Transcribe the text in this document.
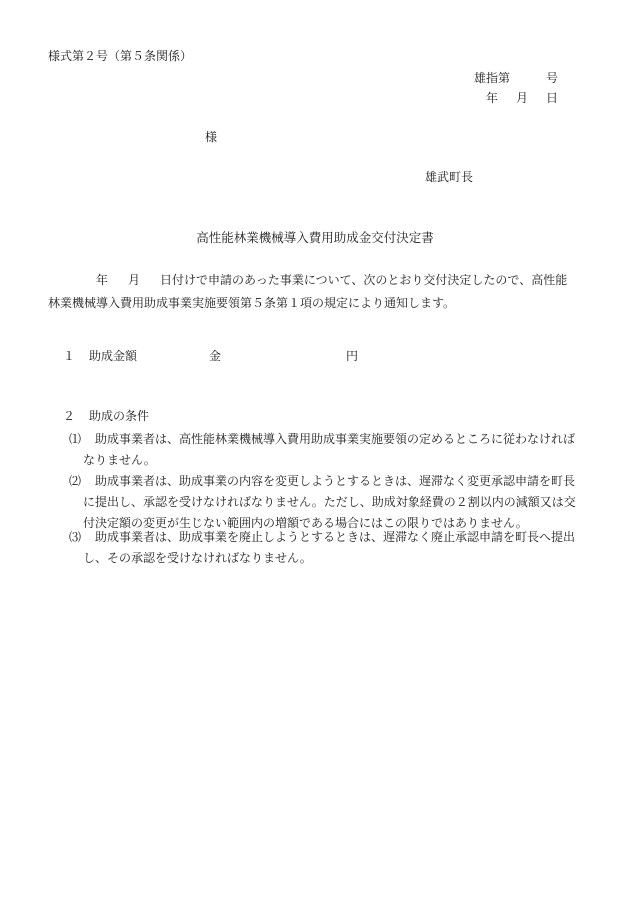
様式第２号（第５条関係）
雄指第	号
年 月 日
様
雄武町長
高性能林業機械導入費用助成金交付決定書
年 月 日付けで申請のあった事業について、次のとおり交付決定したので、高性能
林業機械導入費用助成事業実施要領第５条第１項の規定により通知します。
１ 助成金額	金	円
２ 助成の条件
⑴ 助成事業者は、高性能林業機械導入費用助成事業実施要領の定めるところに従わなければ
なりません。
⑵ 助成事業者は、助成事業の内容を変更しようとするときは、遅滞なく変更承認申請を町長
に提出し、承認を受けなければなりません。ただし、助成対象経費の２割以内の減額又は交
付決定額の変更が生じない範囲内の増額である場合にはこの限りではありません。
⑶ 助成事業者は、助成事業を廃止しようとするときは、遅滞なく廃止承認申請を町長へ提出
し、その承認を受けなければなりません。
